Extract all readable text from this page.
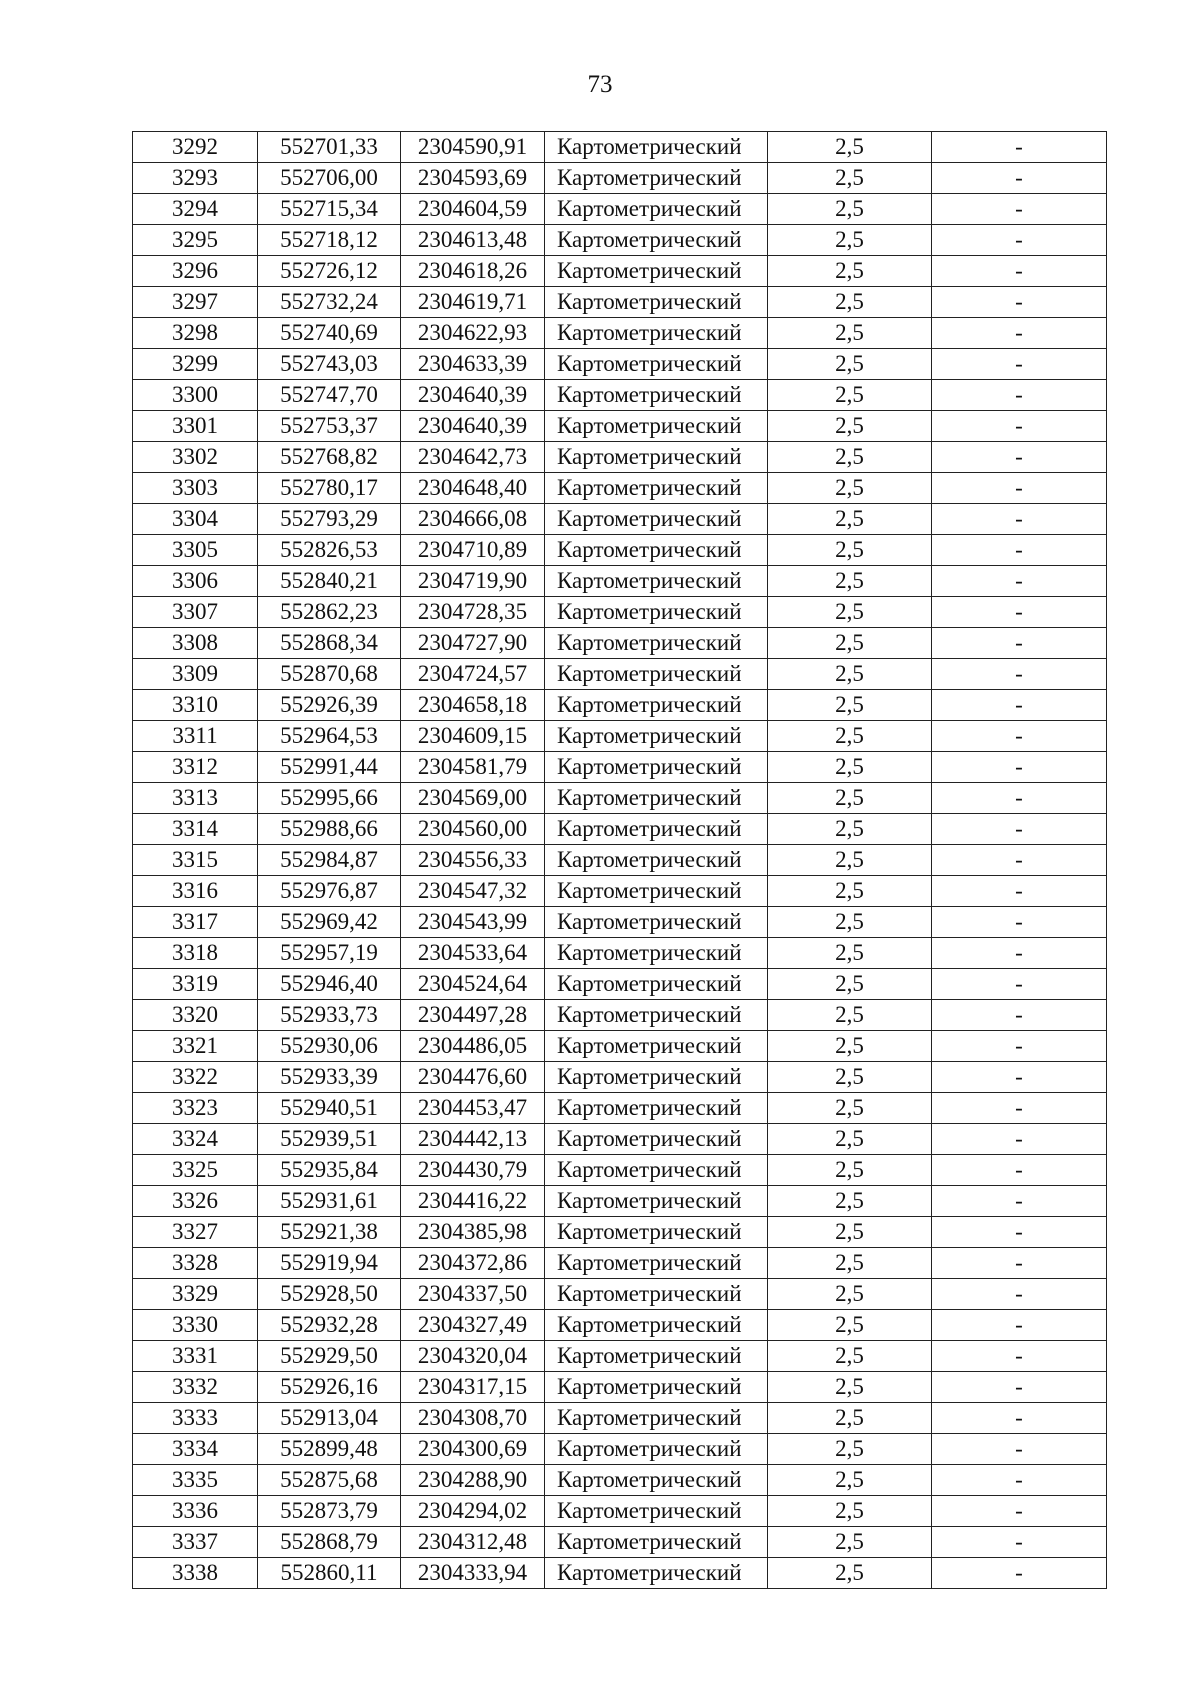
73
3292	552701,33	2304590,91	Картометрический	2,5	-
3293	552706,00	2304593,69	Картометрический	2,5	-
3294	552715,34	2304604,59	Картометрический	2,5	-
3295	552718,12	2304613,48	Картометрический	2,5	-
3296	552726,12	2304618,26	Картометрический	2,5	-
3297	552732,24	2304619,71	Картометрический	2,5	-
3298	552740,69	2304622,93	Картометрический	2,5	-
3299	552743,03	2304633,39	Картометрический	2,5	-
3300	552747,70	2304640,39	Картометрический	2,5	-
3301	552753,37	2304640,39	Картометрический	2,5	-
3302	552768,82	2304642,73	Картометрический	2,5	-
3303	552780,17	2304648,40	Картометрический	2,5	-
3304	552793,29	2304666,08	Картометрический	2,5	-
3305	552826,53	2304710,89	Картометрический	2,5	-
3306	552840,21	2304719,90	Картометрический	2,5	-
3307	552862,23	2304728,35	Картометрический	2,5	-
3308	552868,34	2304727,90	Картометрический	2,5	-
3309	552870,68	2304724,57	Картометрический	2,5	-
3310	552926,39	2304658,18	Картометрический	2,5	-
3311	552964,53	2304609,15	Картометрический	2,5	-
3312	552991,44	2304581,79	Картометрический	2,5	-
3313	552995,66	2304569,00	Картометрический	2,5	-
3314	552988,66	2304560,00	Картометрический	2,5	-
3315	552984,87	2304556,33	Картометрический	2,5	-
3316	552976,87	2304547,32	Картометрический	2,5	-
3317	552969,42	2304543,99	Картометрический	2,5	-
3318	552957,19	2304533,64	Картометрический	2,5	-
3319	552946,40	2304524,64	Картометрический	2,5	-
3320	552933,73	2304497,28	Картометрический	2,5	-
3321	552930,06	2304486,05	Картометрический	2,5	-
3322	552933,39	2304476,60	Картометрический	2,5	-
3323	552940,51	2304453,47	Картометрический	2,5	-
3324	552939,51	2304442,13	Картометрический	2,5	-
3325	552935,84	2304430,79	Картометрический	2,5	-
3326	552931,61	2304416,22	Картометрический	2,5	-
3327	552921,38	2304385,98	Картометрический	2,5	-
3328	552919,94	2304372,86	Картометрический	2,5	-
3329	552928,50	2304337,50	Картометрический	2,5	-
3330	552932,28	2304327,49	Картометрический	2,5	-
3331	552929,50	2304320,04	Картометрический	2,5	-
3332	552926,16	2304317,15	Картометрический	2,5	-
3333	552913,04	2304308,70	Картометрический	2,5	-
3334	552899,48	2304300,69	Картометрический	2,5	-
3335	552875,68	2304288,90	Картометрический	2,5	-
3336	552873,79	2304294,02	Картометрический	2,5	-
3337	552868,79	2304312,48	Картометрический	2,5	-
3338	552860,11	2304333,94	Картометрический	2,5	-
